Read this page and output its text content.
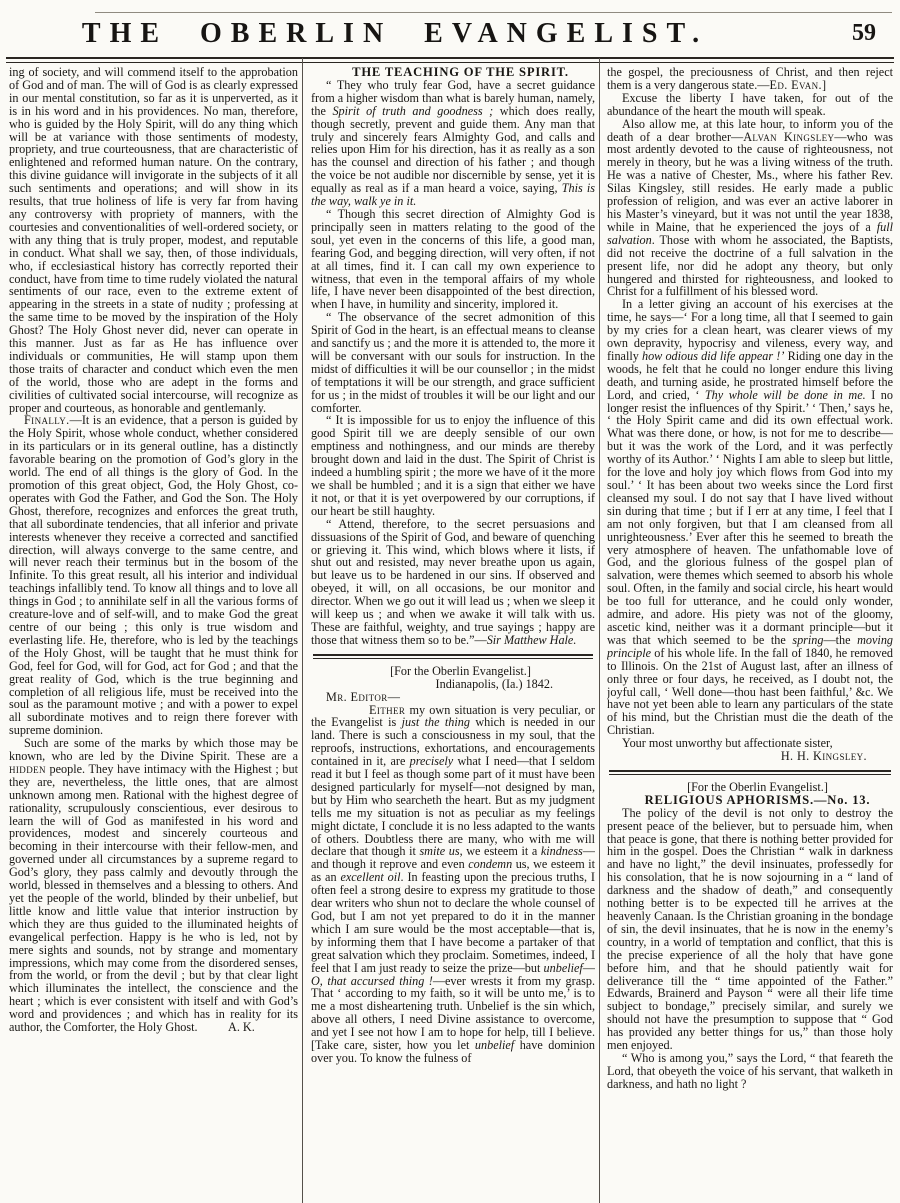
THE OBERLIN EVANGELIST.	59

ing of society, and will commend itself to the approbation of God and of man. The will of God is as clearly expressed in our mental constitution, so far as it is unperverted, as it is in his word and in his providences. No man, therefore, who is guided by the Holy Spirit, will do any thing which will be at variance with those sentiments of modesty, propriety, and true courteousness, that are characteristic of enlightened and reformed human nature. On the contrary, this divine guidance will invigorate in the subjects of it all such sentiments and operations; and will show in its results, that true holiness of life is very far from having any controversy with propriety of manners, with the courtesies and conventionalities of well-ordered society, or with any thing that is truly proper, modest, and reputable in conduct. What shall we say, then, of those individuals, who, if ecclesiastical history has correctly reported their conduct, have from time to time rudely violated the natural sentiments of our race, even to the extreme extent of appearing in the streets in a state of nudity ; professing at the same time to be moved by the inspiration of the Holy Ghost? The Holy Ghost never did, never can operate in this manner. Just as far as He has influence over individuals or communities, He will stamp upon them those traits of character and conduct which even the men of the world, those who are adept in the forms and civilities of cultivated social intercourse, will recognize as proper and courteous, as honorable and gentlemanly.

Finally.—It is an evidence, that a person is guided by the Holy Spirit, whose whole conduct, whether considered in its particulars or in its general outline, has a distinctly favorable bearing on the promotion of God’s glory in the world. The end of all things is the glory of God. In the promotion of this great object, God, the Holy Ghost, co-operates with God the Father, and God the Son. The Holy Ghost, therefore, recognizes and enforces the great truth, that all subordinate tendencies, that all inferior and private interests whenever they receive a corrected and sanctified direction, will always converge to the same centre, and will never reach their terminus but in the bosom of the Infinite. To this great result, all his interior and individual teachings infallibly tend. To know all things and to love all things in God ; to annihilate self in all the various forms of creature-love and of self-will, and to make God the great centre of our being ; this only is true wisdom and everlasting life. He, therefore, who is led by the teachings of the Holy Ghost, will be taught that he must think for God, feel for God, will for God, act for God ; and that the great reality of God, which is the true beginning and completion of all religious life, must be received into the soul as the paramount motive ; and with a power to expel all subordinate motives and to reign there forever with supreme dominion.

Such are some of the marks by which those may be known, who are led by the Divine Spirit. These are a hidden people. They have intimacy with the Highest ; but they are, nevertheless, the little ones, that are almost unknown among men. Rational with the highest degree of rationality, scrupulously conscientious, ever desirous to learn the will of God as manifested in his word and providences, modest and sincerely courteous and becoming in their intercourse with their fellow-men, and governed under all circumstances by a supreme regard to God’s glory, they pass calmly and devoutly through the world, blessed in themselves and a blessing to others. And yet the people of the world, blinded by their unbelief, but little know and little value that interior instruction by which they are thus guided to the illuminated heights of evangelical perfection. Happy is he who is led, not by mere sights and sounds, not by strange and momentary impressions, which may come from the disordered senses, from the world, or from the devil ; but by that clear light which illuminates the intellect, the conscience and the heart ; which is ever consistent with itself and with God’s word and providences ; and which has in reality for its author, the Comforter, the Holy Ghost.   A. K.

THE TEACHING OF THE SPIRIT.

“ They who truly fear God, have a secret guidance from a higher wisdom than what is barely human, namely, the Spirit of truth and goodness ; which does really, though secretly, prevent and guide them. Any man that truly and sincerely fears Almighty God, and calls and relies upon Him for his direction, has it as really as a son has the counsel and direction of his father ; and though the voice be not audible nor discernible by sense, yet it is equally as real as if a man heard a voice, saying, This is the way, walk ye in it.

“ Though this secret direction of Almighty God is principally seen in matters relating to the good of the soul, yet even in the concerns of this life, a good man, fearing God, and begging direction, will very often, if not at all times, find it. I can call my own experience to witness, that even in the temporal affairs of my whole life, I have never been disappointed of the best direction, when I have, in humility and sincerity, implored it.

“ The observance of the secret admonition of this Spirit of God in the heart, is an effectual means to cleanse and sanctify us ; and the more it is attended to, the more it will be conversant with our souls for instruction. In the midst of difficulties it will be our counsellor ; in the midst of temptations it will be our strength, and grace sufficient for us ; in the midst of troubles it will be our light and our comforter.

“ It is impossible for us to enjoy the influence of this good Spirit till we are deeply sensible of our own emptiness and nothingness, and our minds are thereby brought down and laid in the dust. The Spirit of Christ is indeed a humbling spirit ; the more we have of it the more we shall be humbled ; and it is a sign that either we have it not, or that it is yet overpowered by our corruptions, if our heart be still haughty.

“ Attend, therefore, to the secret persuasions and dissuasions of the Spirit of God, and beware of quenching or grieving it. This wind, which blows where it lists, if shut out and resisted, may never breathe upon us again, but leave us to be hardened in our sins. If observed and obeyed, it will, on all occasions, be our monitor and director. When we go out it will lead us ; when we sleep it will keep us ; and when we awake it will talk with us. These are faithful, weighty, and true sayings ; happy are those that witness them so to be.”—Sir Matthew Hale.

[For the Oberlin Evangelist.]

Indianapolis, (Ia.) 1842.

Mr. Editor—

Either my own situation is very peculiar, or the Evangelist is just the thing which is needed in our land. There is such a consciousness in my soul, that the reproofs, instructions, exhortations, and encouragements contained in it, are precisely what I need—that I seldom read it but I feel as though some part of it must have been designed particularly for myself—not designed by man, but by Him who searcheth the heart. But as my judgment tells me my situation is not as peculiar as my feelings might dictate, I conclude it is no less adapted to the wants of others. Doubtless there are many, who with me will declare that though it smite us, we esteem it a kindness—and though it reprove and even condemn us, we esteem it as an excellent oil. In feasting upon the precious truths, I often feel a strong desire to express my gratitude to those dear writers who shun not to declare the whole counsel of God, but I am not yet prepared to do it in the manner which I am sure would be the most acceptable—that is, by informing them that I have become a partaker of that great salvation which they proclaim. Sometimes, indeed, I feel that I am just ready to seize the prize—but unbelief—O, that accursed thing !—ever wrests it from my grasp. That ‘ according to my faith, so it will be unto me,’ is to me a most disheartening truth. Unbelief is the sin which, above all others, I need Divine assistance to overcome, and yet I see not how I am to hope for help, till I believe. [Take care, sister, how you let unbelief have dominion over you. To know the fulness of

the gospel, the preciousness of Christ, and then reject them is a very dangerous state.—Ed. Evan.]

Excuse the liberty I have taken, for out of the abundance of the heart the mouth will speak.

Also allow me, at this late hour, to inform you of the death of a dear brother—Alvan Kingsley—who was most ardently devoted to the cause of righteousness, not merely in theory, but he was a living witness of the truth. He was a native of Chester, Ms., where his father Rev. Silas Kingsley, still resides. He early made a public profession of religion, and was ever an active laborer in his Master’s vineyard, but it was not until the year 1838, while in Maine, that he experienced the joys of a full salvation. Those with whom he associated, the Baptists, did not receive the doctrine of a full salvation in the present life, nor did he adopt any theory, but only hungered and thirsted for righteousness, and looked to Christ for a fulfillment of his blessed word.

In a letter giving an account of his exercises at the time, he says—‘ For a long time, all that I seemed to gain by my cries for a clean heart, was clearer views of my own depravity, hypocrisy and vileness, every way, and finally how odious did life appear !’ Riding one day in the woods, he felt that he could no longer endure this living death, and turning aside, he prostrated himself before the Lord, and cried, ‘ Thy whole will be done in me. I no longer resist the influences of thy Spirit.’ ‘ Then,’ says he, ‘ the Holy Spirit came and did its own effectual work. What was there done, or how, is not for me to describe—but it was the work of the Lord, and it was perfectly worthy of its Author.’ ‘ Nights I am able to sleep but little, for the love and holy joy which flows from God into my soul.’ ‘ It has been about two weeks since the Lord first cleansed my soul. I do not say that I have lived without sin during that time ; but if I err at any time, I feel that I am not only forgiven, but that I am cleansed from all unrighteousness.’ Ever after this he seemed to breath the very atmosphere of heaven. The unfathomable love of God, and the glorious fulness of the gospel plan of salvation, were themes which seemed to absorb his whole soul. Often, in the family and social circle, his heart would be too full for utterance, and he could only wonder, admire, and adore. His piety was not of the gloomy, ascetic kind, neither was it a dormant principle—but it was that which seemed to be the spring—the moving principle of his whole life. In the fall of 1840, he removed to Illinois. On the 21st of August last, after an illness of only three or four days, he received, as I doubt not, the joyful call, ‘ Well done—thou hast been faithful,’ &c. We have not yet been able to learn any particulars of the state of his mind, but the Christian must die the death of the Christian.

Your most unworthy but affectionate sister,

H. H. Kingsley.

[For the Oberlin Evangelist.]

RELIGIOUS APHORISMS.—No. 13.

The policy of the devil is not only to destroy the present peace of the believer, but to persuade him, when that peace is gone, that there is nothing better provided for him in the gospel. Does the Christian “ walk in darkness and have no light,” the devil insinuates, professedly for his consolation, that he is now sojourning in a “ land of darkness and the shadow of death,” and consequently nothing better is to be expected till he arrives at the heavenly Canaan. Is the Christian groaning in the bondage of sin, the devil insinuates, that he is now in the enemy’s country, in a world of temptation and conflict, that this is the precise experience of all the holy that have gone before him, and that he should patiently wait for deliverance till the “ time appointed of the Father.” Edwards, Brainerd and Payson “ were all their life time subject to bondage,” precisely similar, and surely we should not have the presumption to suppose that “ God has provided any better things for us,” than those holy men enjoyed.

“ Who is among you,” says the Lord, “ that feareth the Lord, that obeyeth the voice of his servant, that walketh in darkness, and hath no light ?
